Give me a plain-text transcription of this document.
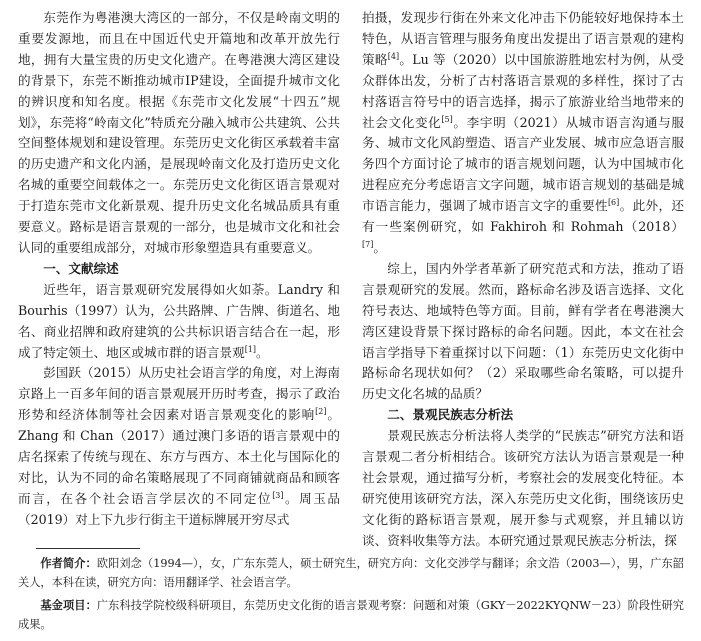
东莞作为粤港澳大湾区的一部分，不仅是岭南文明的重要发源地，而且在中国近代史开篇地和改革开放先行地，拥有大量宝贵的历史文化遗产。在粤港澳大湾区建设的背景下，东莞不断推动城市IP建设，全面提升城市文化的辨识度和知名度。根据《东莞市文化发展“十四五”规划》，东莞将“岭南文化”特质充分融入城市公共建筑、公共空间整体规划和建设管理。东莞历史文化街区承载着丰富的历史遗产和文化内涵，是展现岭南文化及打造历史文化名城的重要空间载体之一。东莞历史文化街区语言景观对于打造东莞市文化新景观、提升历史文化名城品质具有重要意义。路标是语言景观的一部分，也是城市文化和社会认同的重要组成部分，对城市形象塑造具有重要意义。

一、文献综述

近些年，语言景观研究发展得如火如荼。Landry 和 Bourhis（1997）认为，公共路牌、广告牌、街道名、地名、商业招牌和政府建筑的公共标识语言结合在一起，形成了特定领土、地区或城市群的语言景观[1]。

彭国跃（2015）从历史社会语言学的角度，对上海南京路上一百多年间的语言景观展开历时考查，揭示了政治形势和经济体制等社会因素对语言景观变化的影响[2]。Zhang 和 Chan（2017）通过澳门多语的语言景观中的店名探索了传统与现在、东方与西方、本土化与国际化的对比，认为不同的命名策略展现了不同商铺就商品和顾客而言，在各个社会语言学层次的不同定位[3]。周玉品（2019）对上下九步行街主干道标牌展开穷尽式

拍摄，发现步行街在外来文化冲击下仍能较好地保持本土特色，从语言管理与服务角度出发提出了语言景观的建构策略[4]。Lu 等（2020）以中国旅游胜地宏村为例，从受众群体出发，分析了古村落语言景观的多样性，探讨了古村落语言符号中的语言选择，揭示了旅游业给当地带来的社会文化变化[5]。李宇明（2021）从城市语言沟通与服务、城市文化风韵塑造、语言产业发展、城市应急语言服务四个方面讨论了城市的语言规划问题，认为中国城市化进程应充分考虑语言文字问题，城市语言规划的基础是城市语言能力，强调了城市语言文字的重要性[6]。此外，还有一些案例研究，如 Fakhiroh 和 Rohmah（2018）[7]。

综上，国内外学者革新了研究范式和方法，推动了语言景观研究的发展。然而，路标命名涉及语言选择、文化符号表达、地域特色等方面。目前，鲜有学者在粤港澳大湾区建设背景下探讨路标的命名问题。因此，本文在社会语言学指导下着重探讨以下问题：（1）东莞历史文化街中路标命名现状如何？（2）采取哪些命名策略，可以提升历史文化名城的品质？

二、景观民族志分析法

景观民族志分析法将人类学的“民族志”研究方法和语言景观二者分析相结合。该研究方法认为语言景观是一种社会景观，通过描写分析，考察社会的发展变化特征。本研究使用该研究方法，深入东莞历史文化街，围绕该历史文化街的路标语言景观，展开参与式观察，并且辅以访谈、资料收集等方法。本研究通过景观民族志分析法，探

作者简介：欧阳刘念（1994—），女，广东东莞人，硕士研究生，研究方向：文化交涉学与翻译；余文浩（2003—），男，广东韶关人，本科在读，研究方向：语用翻译学、社会语言学。

基金项目：广东科技学院校级科研项目，东莞历史文化街的语言景观考察：问题和对策（GKY－2022KYQNW－23）阶段性研究成果。
